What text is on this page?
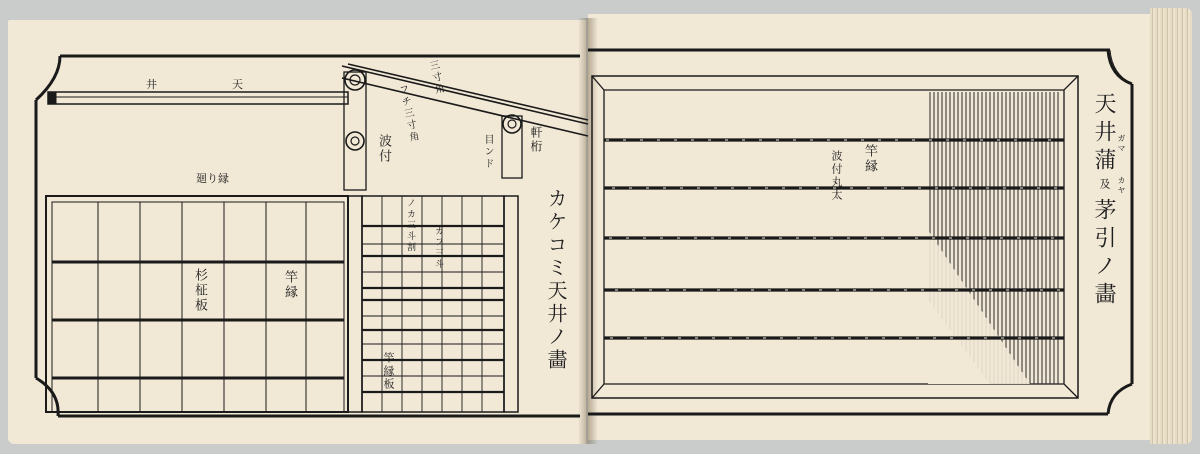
井	天	三寸角
フチ三寸角
波付	軒桁
目ンド
廻り縁
杉柾板	竿縁
ノカ三斗割 カフ三斗
竿縁板	カケコミ天井ノ畵
竿縁
波付丸太	天井蒲 ガマ
及
茅
カヤ
引ノ畵
